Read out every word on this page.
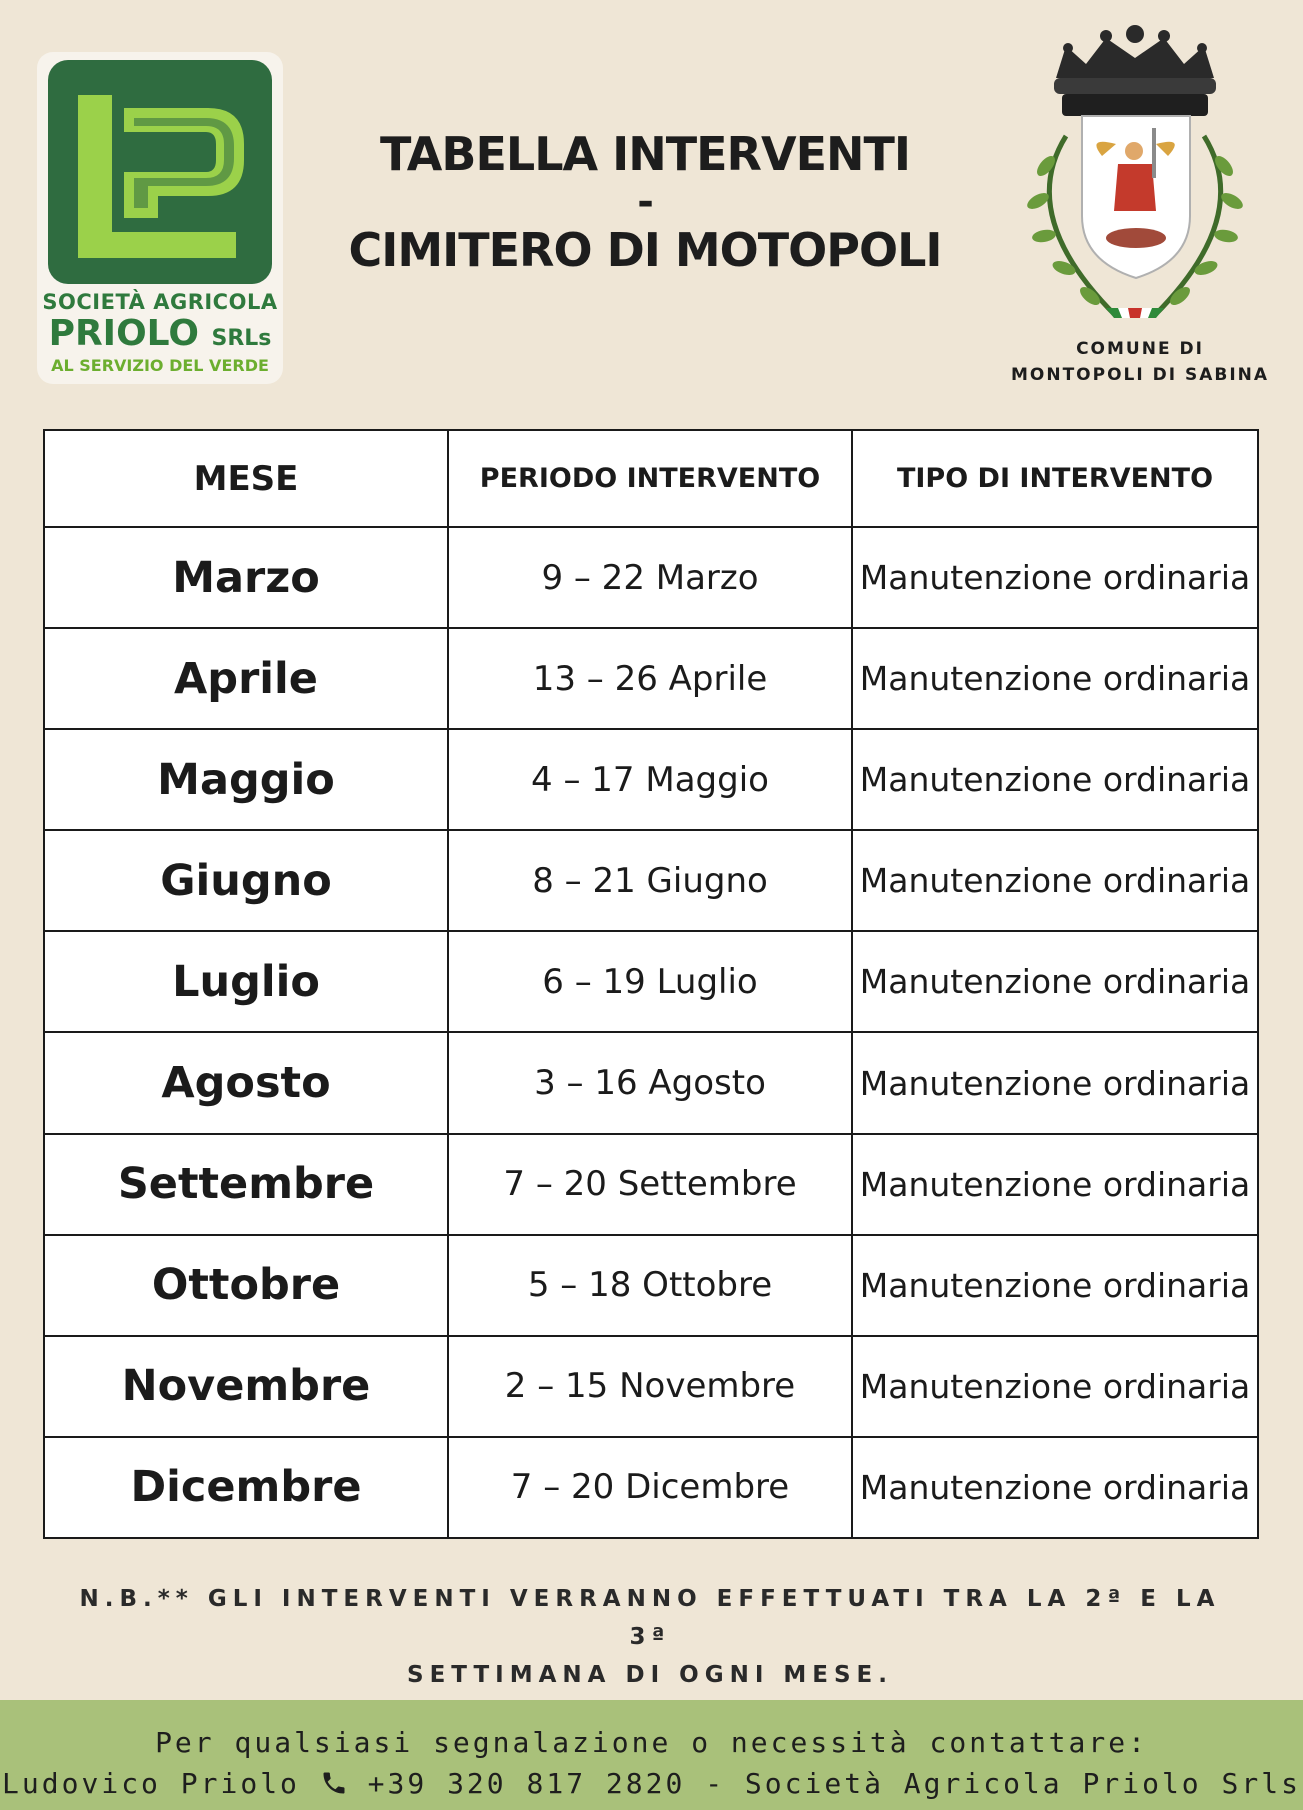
SOCIETÀ AGRICOLA
PRIOLO SRLs
AL SERVIZIO DEL VERDE
TABELLA INTERVENTI
-
CIMITERO DI MOTOPOLI
COMUNE DI
MONTOPOLI DI SABINA
MESE	PERIODO INTERVENTO	TIPO DI INTERVENTO
Marzo	9 – 22 Marzo	Manutenzione ordinaria
Aprile	13 – 26 Aprile	Manutenzione ordinaria
Maggio	4 – 17 Maggio	Manutenzione ordinaria
Giugno	8 – 21 Giugno	Manutenzione ordinaria
Luglio	6 – 19 Luglio	Manutenzione ordinaria
Agosto	3 – 16 Agosto	Manutenzione ordinaria
Settembre	7 – 20 Settembre	Manutenzione ordinaria
Ottobre	5 – 18 Ottobre	Manutenzione ordinaria
Novembre	2 – 15 Novembre	Manutenzione ordinaria
Dicembre	7 – 20 Dicembre	Manutenzione ordinaria
N.B.** GLI INTERVENTI VERRANNO EFFETTUATI TRA LA 2ª E LA 3ª
SETTIMANA DI OGNI MESE.
Per qualsiasi segnalazione o necessità contattare:
Ludovico Priolo +39 320 817 2820 - Società Agricola Priolo Srls
